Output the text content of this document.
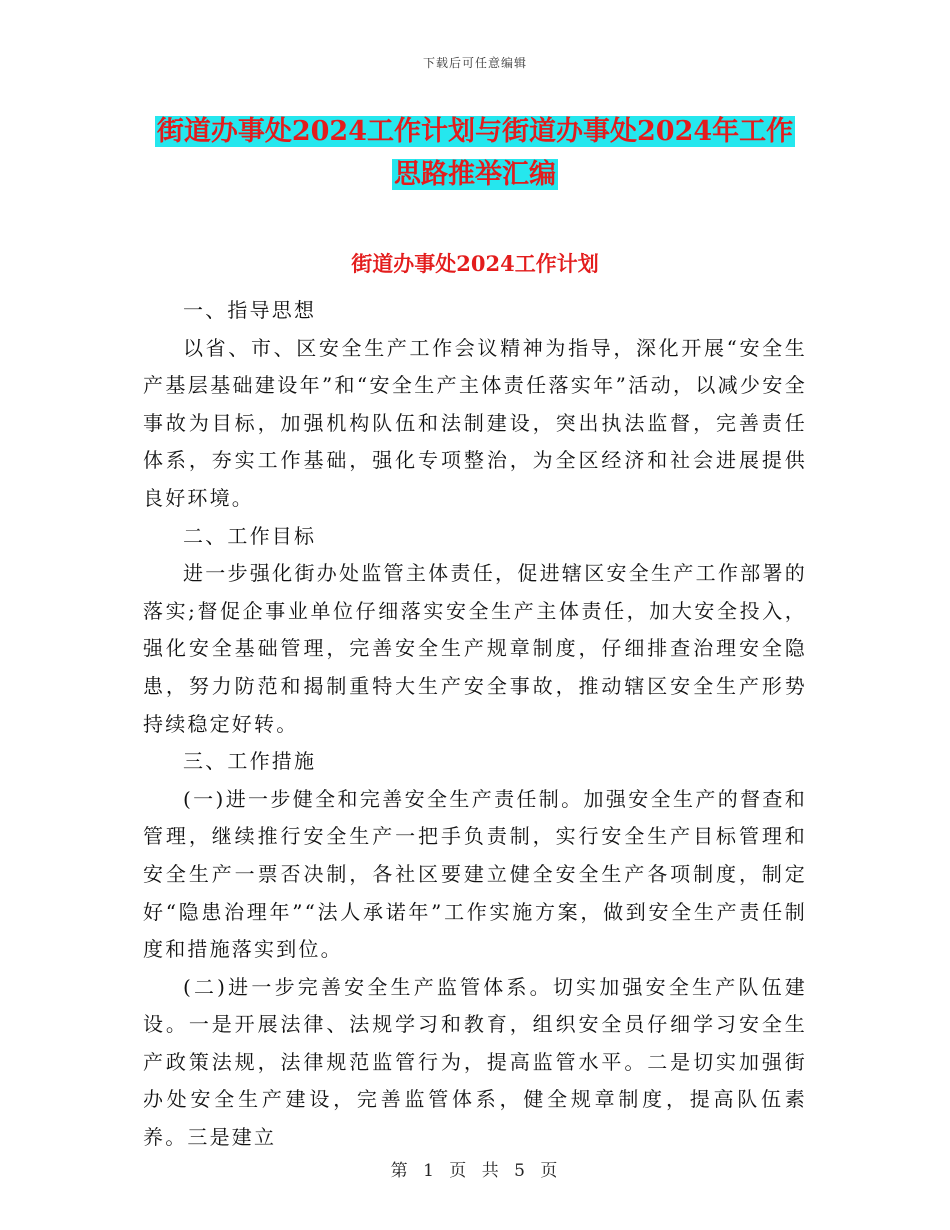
下载后可任意编辑
街道办事处2024工作计划与街道办事处2024年工作
思路推举汇编
街道办事处2024工作计划

一、指导思想

以省、市、区安全生产工作会议精神为指导，深化开展“安全生产基层基础建设年”和“安全生产主体责任落实年”活动，以减少安全事故为目标，加强机构队伍和法制建设，突出执法监督，完善责任体系，夯实工作基础，强化专项整治，为全区经济和社会进展提供良好环境。

二、工作目标

进一步强化街办处监管主体责任，促进辖区安全生产工作部署的落实;督促企事业单位仔细落实安全生产主体责任，加大安全投入，强化安全基础管理，完善安全生产规章制度，仔细排查治理安全隐患，努力防范和揭制重特大生产安全事故，推动辖区安全生产形势持续稳定好转。

三、工作措施

(一)进一步健全和完善安全生产责任制。加强安全生产的督查和管理，继续推行安全生产一把手负责制，实行安全生产目标管理和安全生产一票否决制，各社区要建立健全安全生产各项制度，制定好“隐患治理年”“法人承诺年”工作实施方案，做到安全生产责任制度和措施落实到位。

(二)进一步完善安全生产监管体系。切实加强安全生产队伍建设。一是开展法律、法规学习和教育，组织安全员仔细学习安全生产政策法规，法律规范监管行为，提高监管水平。二是切实加强街办处安全生产建设，完善监管体系，健全规章制度，提高队伍素养。三是建立

第 1 页 共 5 页
